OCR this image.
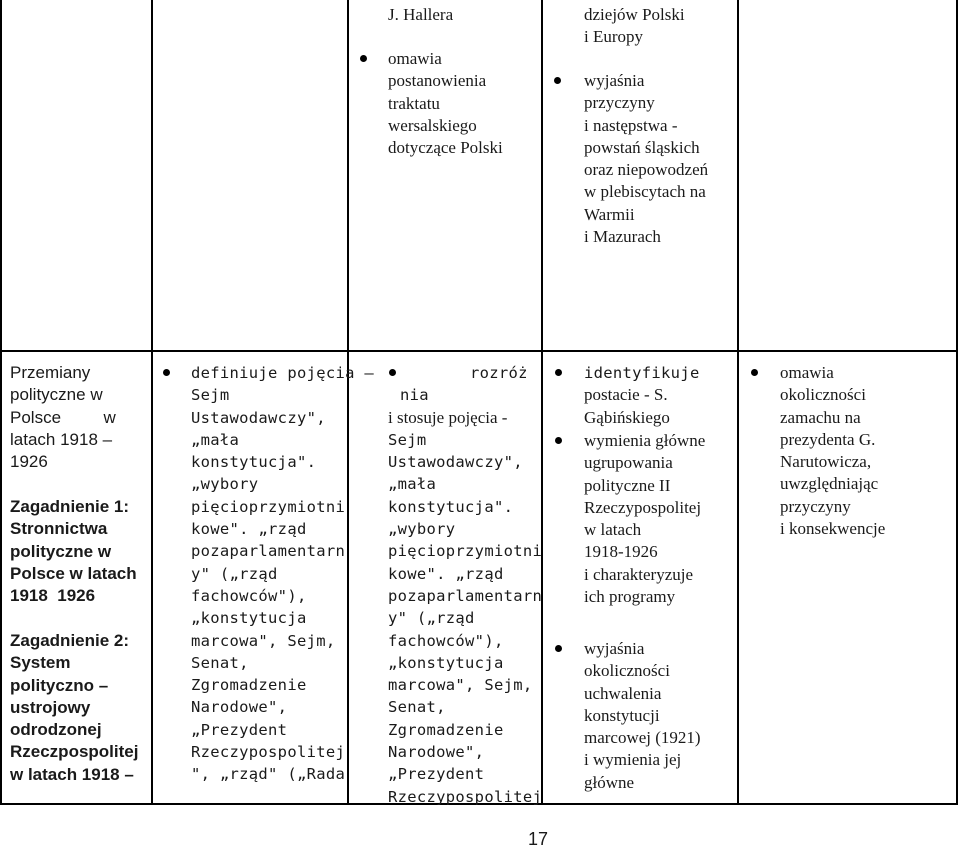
J. Hallera
omawia
postanowienia
traktatu
wersalskiego
dotyczące Polski
dziejów Polski
i Europy
wyjaśnia
przyczyny
i następstwa -
powstań śląskich
oraz niepowodzeń
w plebiscytach na
Warmii
i Mazurach
Przemiany
polityczne w
Polsce         w
latach 1918 –
1926
Zagadnienie 1:
Stronnictwa
polityczne w
Polsce w latach
1918  1926
Zagadnienie 2:
System
polityczno –
ustrojowy
odrodzonej
Rzeczpospolitej
w latach 1918 –
definiuje pojęcia –
Sejm
Ustawodawczy",
„mała
konstytucja".
„wybory
pięcioprzymiotni
kowe". „rząd
pozaparlamentarn
y" („rząd
fachowców"),
„konstytucja
marcowa", Sejm,
Senat,
Zgromadzenie
Narodowe",
„Prezydent
Rzeczypospolitej
", „rząd" („Rada
rozróż
nia
i stosuje pojęcia -
Sejm
Ustawodawczy",
„mała
konstytucja".
„wybory
pięcioprzymiotni
kowe". „rząd
pozaparlamentarn
y" („rząd
fachowców"),
„konstytucja
marcowa", Sejm,
Senat,
Zgromadzenie
Narodowe",
„Prezydent
Rzeczypospolitej
identyfikuje
postacie - S.
Gąbińskiego
wymienia główne
ugrupowania
polityczne II
Rzeczypospolitej
w latach
1918-1926
i charakteryzuje
ich programy
wyjaśnia
okoliczności
uchwalenia
konstytucji
marcowej (1921)
i wymienia jej
główne
omawia
okoliczności
zamachu na
prezydenta G.
Narutowicza,
uwzględniając
przyczyny
i konsekwencje
17
